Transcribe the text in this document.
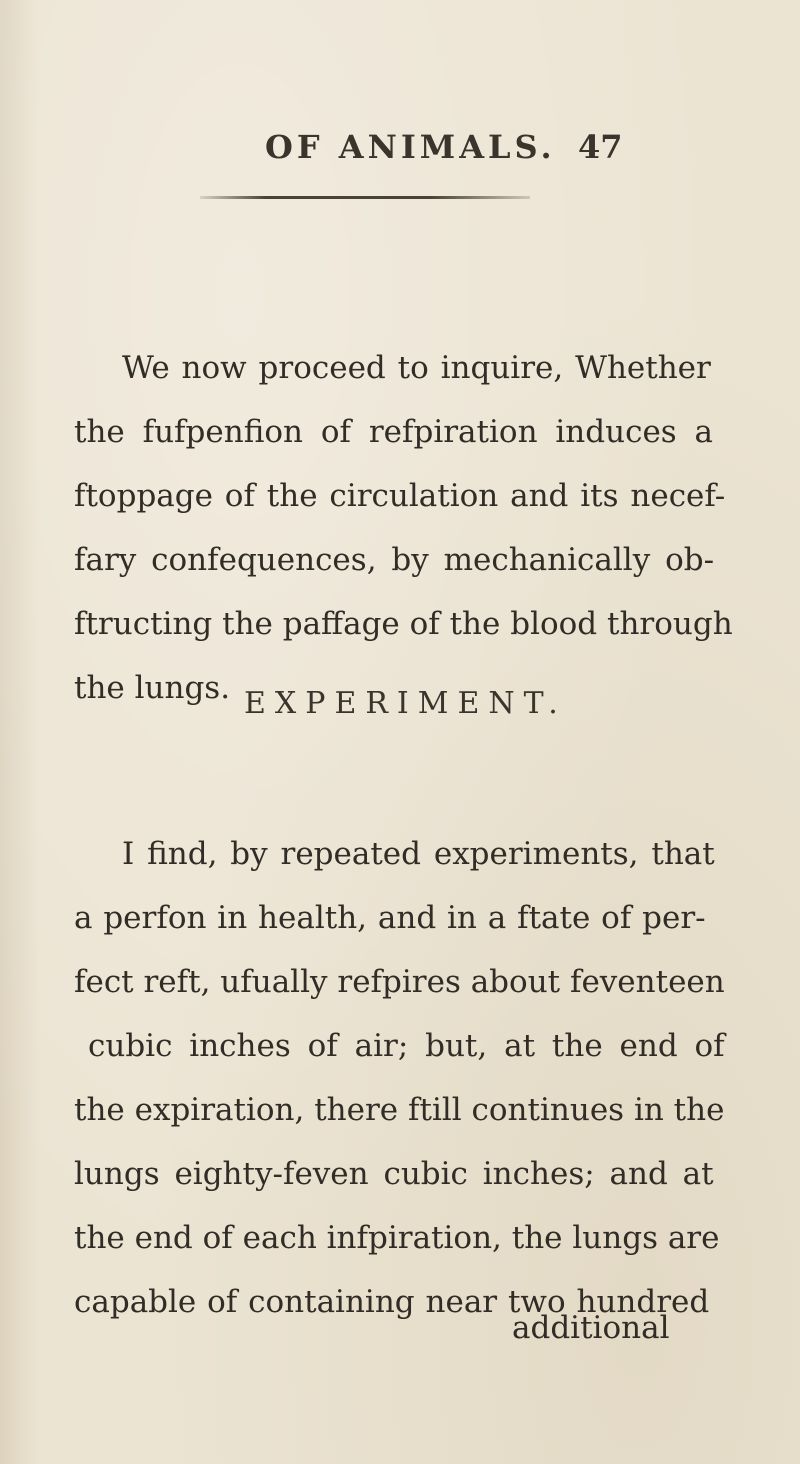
OF ANIMALS. 47
We now proceed to inquire, Whether
the fufpenfion of refpiration induces a
ftoppage of the circulation and its necef-
fary confequences, by mechanically ob-
ftructing the paffage of the blood through
the lungs. EXPERIMENT.
I find, by repeated experiments, that
a perfon in health, and in a ftate of per-
fect reft, ufually refpires about feventeen
cubic inches of air; but, at the end of
the expiration, there ftill continues in the
lungs eighty-feven cubic inches; and at
the end of each infpiration, the lungs are
capable of containing near two hundred
additional
